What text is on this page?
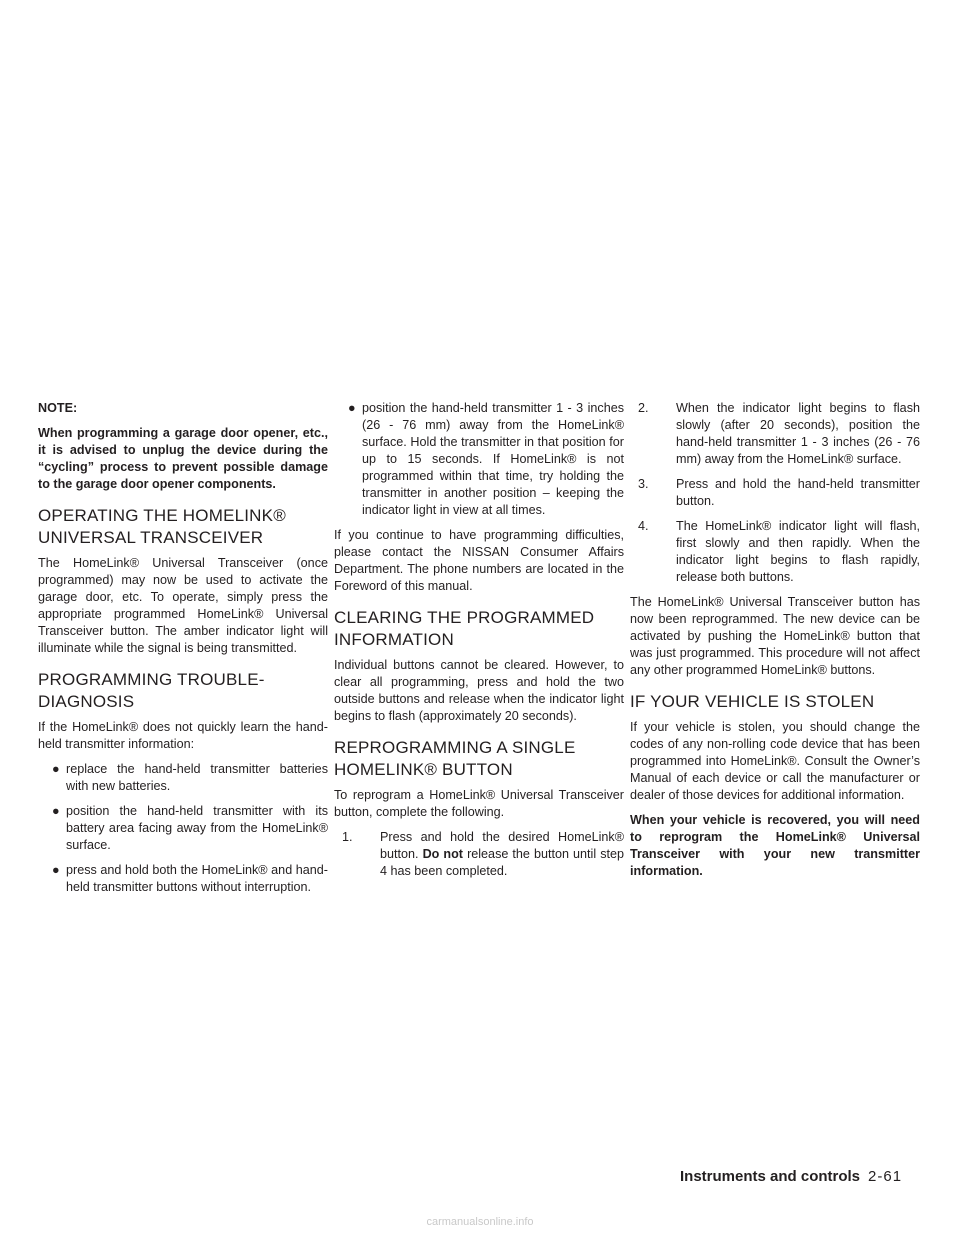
NOTE:

When programming a garage door opener, etc., it is advised to unplug the device during the “cycling” process to prevent possible damage to the garage door opener components.

OPERATING THE HOMELINK® UNIVERSAL TRANSCEIVER

The HomeLink® Universal Transceiver (once programmed) may now be used to activate the garage door, etc. To operate, simply press the appropriate programmed HomeLink® Universal Transceiver button. The amber indicator light will illuminate while the signal is being transmitted.

PROGRAMMING TROUBLE-DIAGNOSIS

If the HomeLink® does not quickly learn the hand-held transmitter information:

● replace the hand-held transmitter batteries with new batteries.
● position the hand-held transmitter with its battery area facing away from the HomeLink® surface.
● press and hold both the HomeLink® and hand-held transmitter buttons without interruption.
● position the hand-held transmitter 1 - 3 inches (26 - 76 mm) away from the HomeLink® surface. Hold the transmitter in that position for up to 15 seconds. If HomeLink® is not programmed within that time, try holding the transmitter in another position – keeping the indicator light in view at all times.

If you continue to have programming difficulties, please contact the NISSAN Consumer Affairs Department. The phone numbers are located in the Foreword of this manual.

CLEARING THE PROGRAMMED INFORMATION

Individual buttons cannot be cleared. However, to clear all programming, press and hold the two outside buttons and release when the indicator light begins to flash (approximately 20 seconds).

REPROGRAMMING A SINGLE HOMELINK® BUTTON

To reprogram a HomeLink® Universal Transceiver button, complete the following.

1. Press and hold the desired HomeLink® button. Do not release the button until step 4 has been completed.
2. When the indicator light begins to flash slowly (after 20 seconds), position the hand-held transmitter 1 - 3 inches (26 - 76 mm) away from the HomeLink® surface.
3. Press and hold the hand-held transmitter button.
4. The HomeLink® indicator light will flash, first slowly and then rapidly. When the indicator light begins to flash rapidly, release both buttons.

The HomeLink® Universal Transceiver button has now been reprogrammed. The new device can be activated by pushing the HomeLink® button that was just programmed. This procedure will not affect any other programmed HomeLink® buttons.

IF YOUR VEHICLE IS STOLEN

If your vehicle is stolen, you should change the codes of any non-rolling code device that has been programmed into HomeLink®. Consult the Owner’s Manual of each device or call the manufacturer or dealer of those devices for additional information.

When your vehicle is recovered, you will need to reprogram the HomeLink® Universal Transceiver with your new transmitter information.

Instruments and controls 2-61
carmanualsonline.info
